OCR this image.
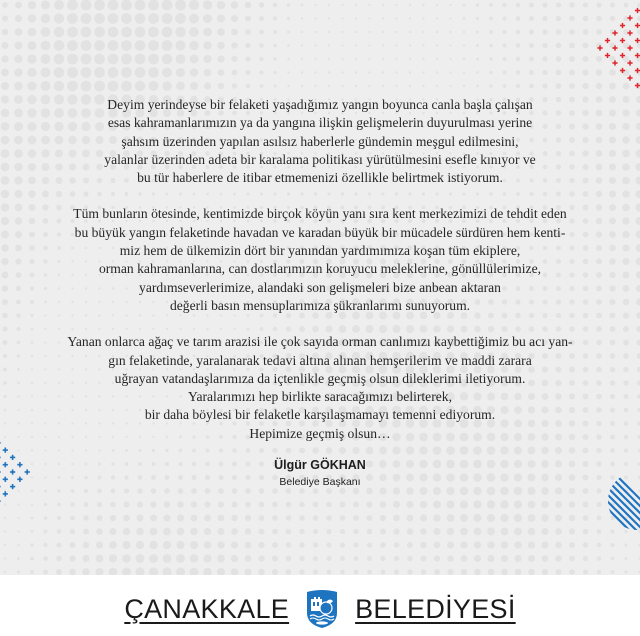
Deyim yerindeyse bir felaketi yaşadığımız yangın boyunca canla başla çalışan
esas kahramanlarımızın ya da yangına ilişkin gelişmelerin duyurulması yerine
şahsım üzerinden yapılan asılsız haberlerle gündemin meşgul edilmesini,
yalanlar üzerinden adeta bir karalama politikası yürütülmesini esefle kınıyor ve
bu tür haberlere de itibar etmemenizi özellikle belirtmek istiyorum.

Tüm bunların ötesinde, kentimizde birçok köyün yanı sıra kent merkezimizi de tehdit eden
bu büyük yangın felaketinde havadan ve karadan büyük bir mücadele sürdüren hem kenti-
miz hem de ülkemizin dört bir yanından yardımımıza koşan tüm ekiplere,
orman kahramanlarına, can dostlarımızın koruyucu meleklerine, gönüllülerimize,
yardımseverlerimize, alandaki son gelişmeleri bize anbean aktaran
değerli basın mensuplarımıza şükranlarımı sunuyorum.

Yanan onlarca ağaç ve tarım arazisi ile çok sayıda orman canlımızı kaybettiğimiz bu acı yan-
gın felaketinde, yaralanarak tedavi altına alınan hemşerilerim ve maddi zarara
uğrayan vatandaşlarımıza da içtenlikle geçmiş olsun dileklerimi iletiyorum.
Yaralarımızı hep birlikte saracağımızı belirterek,
bir daha böylesi bir felaketle karşılaşmamayı temenni ediyorum.
Hepimize geçmiş olsun…

Ülgür GÖKHAN
Belediye Başkanı
ÇANAKKALE BELEDİYESİ
